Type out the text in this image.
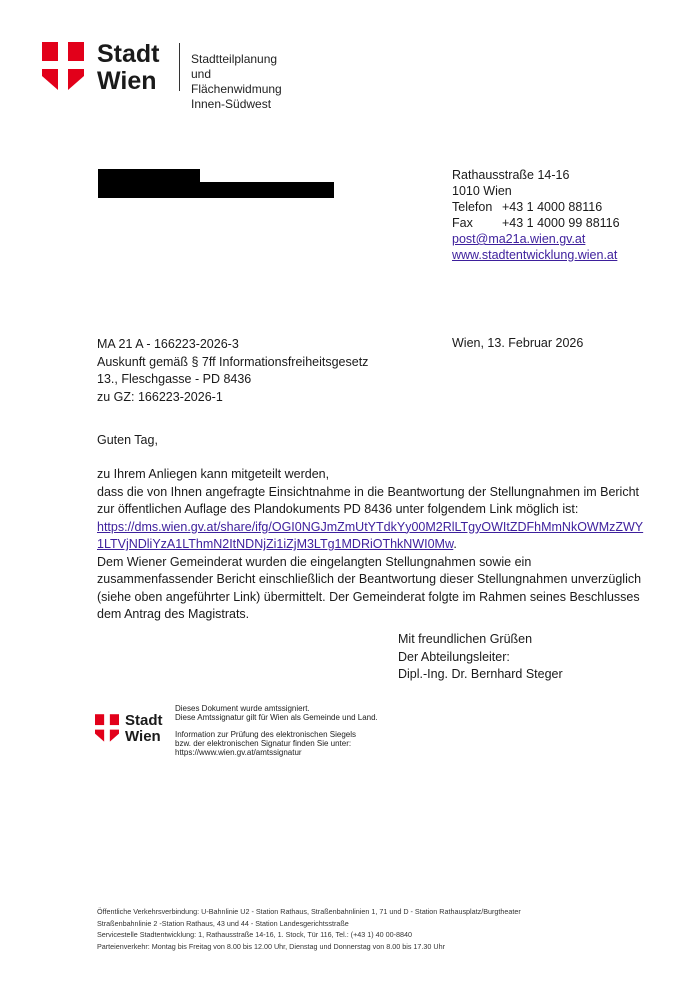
Stadt
Wien
Stadtteilplanung
und Flächenwidmung
Innen-Südwest
Rathausstraße 14-16
1010 Wien
Telefon +43 1 4000 88116
Fax +43 1 4000 99 88116
post@ma21a.wien.gv.at
www.stadtentwicklung.wien.at
MA 21 A - 166223-2026-3
Auskunft gemäß § 7ff Informationsfreiheitsgesetz
13., Fleschgasse - PD 8436
zu GZ: 166223-2026-1
Wien, 13. Februar 2026
Guten Tag,

zu Ihrem Anliegen kann mitgeteilt werden,

dass die von Ihnen angefragte Einsichtnahme in die Beantwortung der Stellungnahmen im Bericht zur öffentlichen Auflage des Plandokuments PD 8436 unter folgendem Link möglich ist:

https://dms.wien.gv.at/share/ifg/OGI0NGJmZmUtYTdkYy00M2RlLTgyOWItZDFhMmNkOWMzZWY1LTVjNDliYzA1LThmN2ItNDNjZi1iZjM3LTg1MDRiOThkNWI0Mw.

Dem Wiener Gemeinderat wurden die eingelangten Stellungnahmen sowie ein zusammenfassender Bericht einschließlich der Beantwortung dieser Stellungnahmen unverzüglich (siehe oben angeführter Link) übermittelt. Der Gemeinderat folgte im Rahmen seines Beschlusses dem Antrag des Magistrats.

Mit freundlichen Grüßen
Der Abteilungsleiter:
Dipl.-Ing. Dr. Bernhard Steger
Stadt
Wien
Dieses Dokument wurde amtssigniert.
Diese Amtssignatur gilt für Wien als Gemeinde und Land.
Information zur Prüfung des elektronischen Siegels
bzw. der elektronischen Signatur finden Sie unter:
https://www.wien.gv.at/amtssignatur
Öffentliche Verkehrsverbindung: U-Bahnlinie U2 - Station Rathaus, Straßenbahnlinien 1, 71 und D - Station Rathausplatz/Burgtheater
Straßenbahnlinie 2 -Station Rathaus, 43 und 44 - Station Landesgerichtsstraße
Servicestelle Stadtentwicklung: 1, Rathausstraße 14-16, 1. Stock, Tür 116, Tel.: (+43 1) 40 00-8840
Parteienverkehr: Montag bis Freitag von 8.00 bis 12.00 Uhr, Dienstag und Donnerstag von 8.00 bis 17.30 Uhr
